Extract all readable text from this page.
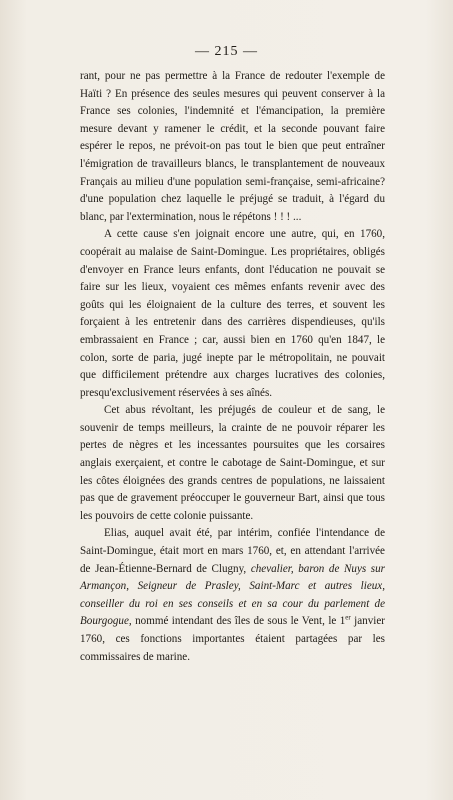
— 215 —

rant, pour ne pas permettre à la France de redouter l'exemple de Haïti ? En présence des seules mesures qui peuvent conserver à la France ses colonies, l'indemnité et l'émancipation, la première mesure devant y ramener le crédit, et la seconde pouvant faire espérer le repos, ne prévoit-on pas tout le bien que peut entraîner l'émigration de travailleurs blancs, le transplantement de nouveaux Français au milieu d'une population semi-française, semi-africaine? d'une population chez laquelle le préjugé se traduit, à l'égard du blanc, par l'extermination, nous le répétons ! ! ! ...

A cette cause s'en joignait encore une autre, qui, en 1760, coopérait au malaise de Saint-Domingue. Les propriétaires, obligés d'envoyer en France leurs enfants, dont l'éducation ne pouvait se faire sur les lieux, voyaient ces mêmes enfants revenir avec des goûts qui les éloignaient de la culture des terres, et souvent les forçaient à les entretenir dans des carrières dispendieuses, qu'ils embrassaient en France ; car, aussi bien en 1760 qu'en 1847, le colon, sorte de paria, jugé inepte par le métropolitain, ne pouvait que difficilement prétendre aux charges lucratives des colonies, presqu'exclusivement réservées à ses aînés.

Cet abus révoltant, les préjugés de couleur et de sang, le souvenir de temps meilleurs, la crainte de ne pouvoir réparer les pertes de nègres et les incessantes poursuites que les corsaires anglais exerçaient, et contre le cabotage de Saint-Domingue, et sur les côtes éloignées des grands centres de populations, ne laissaient pas que de gravement préoccuper le gouverneur Bart, ainsi que tous les pouvoirs de cette colonie puissante.

Elias, auquel avait été, par intérim, confiée l'intendance de Saint-Domingue, était mort en mars 1760, et, en attendant l'arrivée de Jean-Étienne-Bernard de Clugny, chevalier, baron de Nuys sur Armançon, Seigneur de Prasley, Saint-Marc et autres lieux, conseiller du roi en ses conseils et en sa cour du parlement de Bourgogue, nommé intendant des îles de sous le Vent, le 1er janvier 1760, ces fonctions importantes étaient partagées par les commissaires de marine.
